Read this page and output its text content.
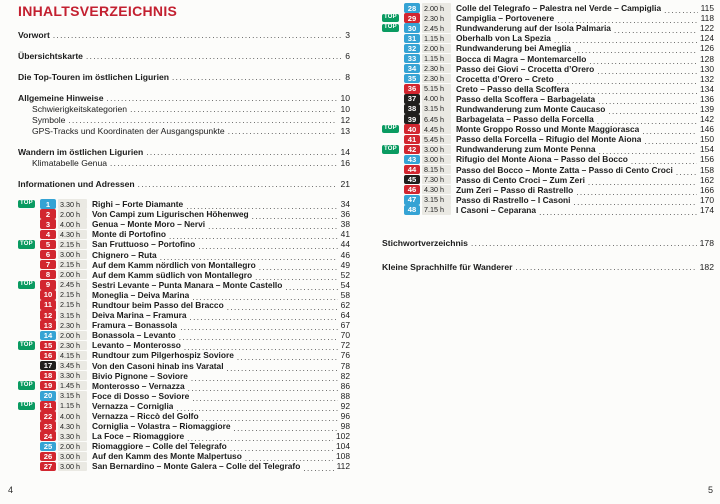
INHALTSVERZEICHNIS
Vorwort .....	3
Übersichtskarte .....	6
Die Top-Touren im östlichen Ligurien .....	8
Allgemeine Hinweise .....	10
Schwierigkeitskategorien .....	10
Symbole .....	12
GPS-Tracks und Koordinaten der Ausgangspunkte .....	13
Wandern im östlichen Ligurien .....	14
Klimatabelle Genua .....	16
Informationen und Adressen .....	21
TOP	1	3.30 h	Righi – Forte Diamante .....	34
2	2.00 h	Von Campi zum Ligurischen Höhenweg .....	36
3	4.00 h	Genua – Monte Moro – Nervi .....	38
4	4.30 h	Monte di Portofino .....	41
TOP	5	2.15 h	San Fruttuoso – Portofino .....	44
6	3.00 h	Chignero – Ruta .....	46
7	2.15 h	Auf dem Kamm nördlich von Montallegro .....	49
8	2.00 h	Auf dem Kamm südlich von Montallegro .....	52
TOP	9	2.45 h	Sestri Levante – Punta Manara – Monte Castello .....	54
10	2.15 h	Moneglia – Deiva Marina .....	58
11	2.15 h	Rundtour beim Passo del Bracco .....	62
12	3.15 h	Deiva Marina – Framura .....	64
13	2.30 h	Framura – Bonassola .....	67
14	2.00 h	Bonassola – Levanto .....	70
TOP	15	2.30 h	Levanto – Monterosso .....	72
16	4.15 h	Rundtour zum Pilgerhospiz Soviore .....	76
17	3.45 h	Von den Casoni hinab ins Varatal .....	78
18	3.30 h	Bivio Pignone – Soviore .....	82
TOP	19	1.45 h	Monterosso – Vernazza .....	86
20	3.15 h	Foce di Dosso – Soviore .....	88
TOP	21	1.15 h	Vernazza – Corniglia .....	92
22	4.00 h	Vernazza – Riccò del Golfo .....	96
23	4.30 h	Corniglia – Volastra – Riomaggiore .....	98
24	3.30 h	La Foce – Riomaggiore .....	102
25	2.00 h	Riomaggiore – Colle del Telegrafo .....	104
26	3.00 h	Auf den Kamm des Monte Malpertuso .....	108
27	3.00 h	San Bernardino – Monte Galera – Colle del Telegrafo .....	112
28	2.00 h	Colle del Telegrafo – Palestra nel Verde – Campiglia .....	115
TOP	29	2.30 h	Campiglia – Portovenere .....	118
TOP	30	2.45 h	Rundwanderung auf der Isola Palmaria .....	122
31	1.15 h	Oberhalb von La Spezia .....	124
32	2.00 h	Rundwanderung bei Ameglia .....	126
33	1.15 h	Bocca di Magra – Montemarcello .....	128
34	2.30 h	Passo dei Giovi – Crocetta d’Orero .....	130
35	2.30 h	Crocetta d’Orero – Creto .....	132
36	5.15 h	Creto – Passo della Scoffera .....	134
37	4.00 h	Passo della Scoffera – Barbagelata .....	136
38	3.15 h	Rundwanderung zum Monte Caucaso .....	139
39	6.45 h	Barbagelata – Passo della Forcella .....	142
TOP	40	4.45 h	Monte Groppo Rosso und Monte Maggiorasca .....	146
41	5.45 h	Passo della Forcella – Rifugio del Monte Aiona .....	150
TOP	42	3.00 h	Rundwanderung zum Monte Penna .....	154
43	3.00 h	Rifugio del Monte Aiona – Passo del Bocco .....	156
44	8.15 h	Passo del Bocco – Monte Zatta – Passo di Cento Croci .....	158
45	7.30 h	Passo di Cento Croci – Zum Zeri .....	162
46	4.30 h	Zum Zeri – Passo di Rastrello .....	166
47	3.15 h	Passo di Rastrello – I Casoni .....	170
48	7.15 h	I Casoni – Ceparana .....	174
Stichwortverzeichnis .....	178
Kleine Sprachhilfe für Wanderer .....	182
4	5
